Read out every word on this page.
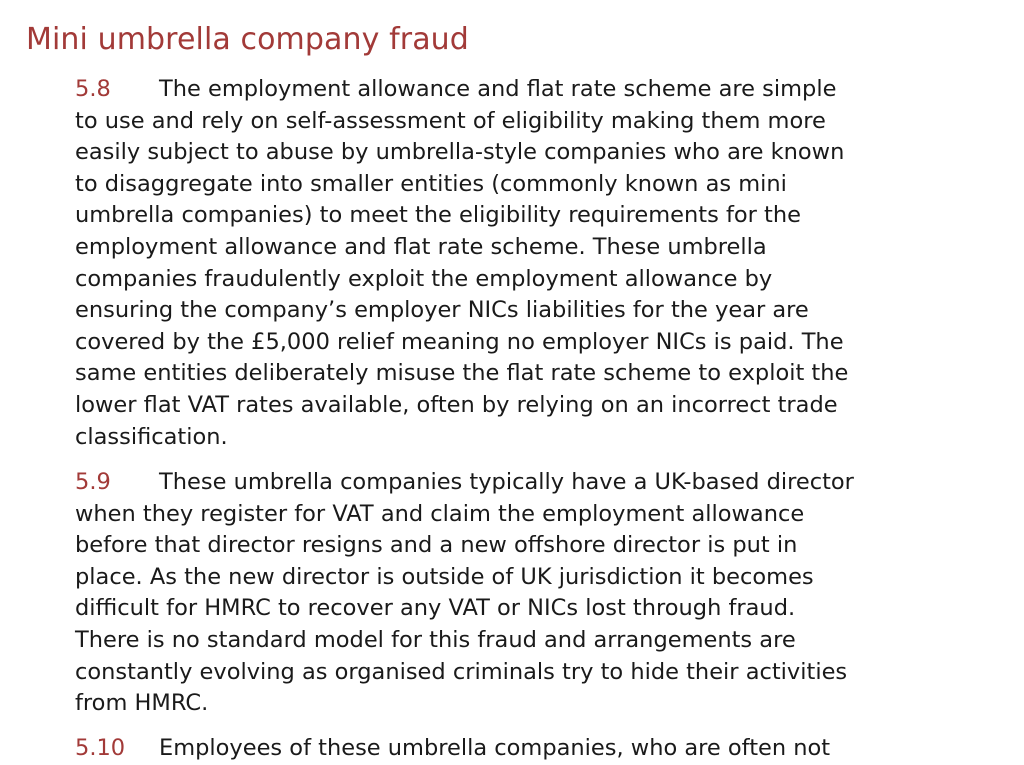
Mini umbrella company fraud
5.8 The employment allowance and flat rate scheme are simple
to use and rely on self-assessment of eligibility making them more
easily subject to abuse by umbrella-style companies who are known
to disaggregate into smaller entities (commonly known as mini
umbrella companies) to meet the eligibility requirements for the
employment allowance and flat rate scheme. These umbrella
companies fraudulently exploit the employment allowance by
ensuring the company’s employer NICs liabilities for the year are
covered by the £5,000 relief meaning no employer NICs is paid. The
same entities deliberately misuse the flat rate scheme to exploit the
lower flat VAT rates available, often by relying on an incorrect trade
classification.
5.9 These umbrella companies typically have a UK-based director
when they register for VAT and claim the employment allowance
before that director resigns and a new offshore director is put in
place. As the new director is outside of UK jurisdiction it becomes
difficult for HMRC to recover any VAT or NICs lost through fraud.
There is no standard model for this fraud and arrangements are
constantly evolving as organised criminals try to hide their activities
from HMRC.
5.10 Employees of these umbrella companies, who are often not
